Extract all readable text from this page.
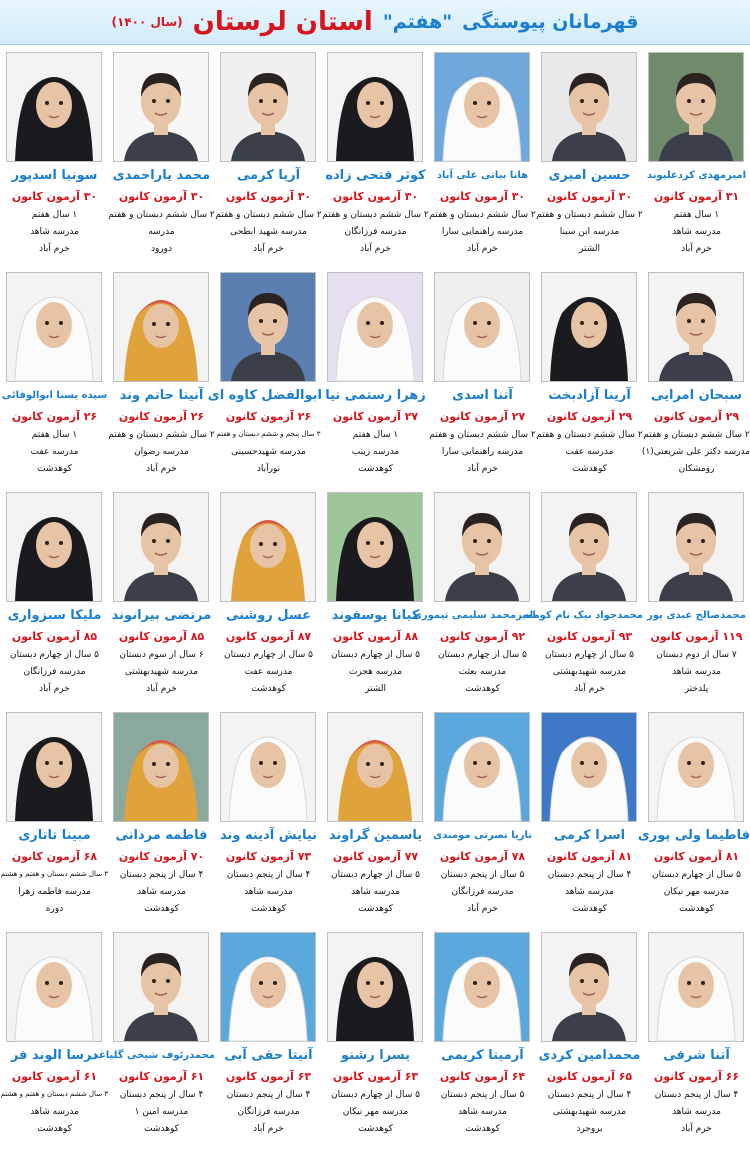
قهرمانان پیوستگی
"هفتم"
استان لرستان
(سال ۱۴۰۰)
امیرمهدی کردعلیوند
۳۱ آزمون کانون
۱ سال هفتم
مدرسه شاهد
خرم آباد
حسین امیری
۳۰ آزمون کانون
۲ سال ششم دبستان و هفتم
مدرسه ابن سینا
الشتر
هانا بیاتی علی آباد
۳۰ آزمون کانون
۲ سال ششم دبستان و هفتم
مدرسه راهنمایی سارا
خرم آباد
کوثر فتحی زاده
۳۰ آزمون کانون
۲ سال ششم دبستان و هفتم
مدرسه فرزانگان
خرم آباد
آریا کرمی
۳۰ آزمون کانون
۲ سال ششم دبستان و هفتم
مدرسه شهید ابطحی
خرم آباد
محمد یاراحمدی
۳۰ آزمون کانون
۲ سال ششم دبستان و هفتم
مدرسه
دورود
سونیا اسدپور
۳۰ آزمون کانون
۱ سال هفتم
مدرسه شاهد
خرم آباد
سبحان امرایی
۲۹ آزمون کانون
۲ سال ششم دبستان و هفتم
مدرسه دکتر علی شریعتی(۱)
رومشکان
آرینا آزادبخت
۲۹ آزمون کانون
۲ سال ششم دبستان و هفتم
مدرسه عفت
کوهدشت
آتنا اسدی
۲۷ آزمون کانون
۲ سال ششم دبستان و هفتم
مدرسه راهنمایی سارا
خرم آباد
زهرا رستمی نیا
۲۷ آزمون کانون
۱ سال هفتم
مدرسه زینب
کوهدشت
ابوالفضل کاوه ای
۲۶ آزمون کانون
۳ سال پنجم و ششم دبستان و هفتم
مدرسه شهیدحسینی
نورآباد
آنیتا حاتم وند
۲۶ آزمون کانون
۲ سال ششم دبستان و هفتم
مدرسه رضوان
خرم آباد
سیده یسنا ابوالوفائی
۲۶ آزمون کانون
۱ سال هفتم
مدرسه عفت
کوهدشت
محمدصالح عبدی پور
۱۱۹ آزمون کانون
۷ سال از دوم دبستان
مدرسه شاهد
پلدختر
محمدجواد نیک نام کومله
۹۳ آزمون کانون
۵ سال از چهارم دبستان
مدرسه شهیدبهشتی
خرم آباد
امیرمحمد سلیمی تیموری
۹۲ آزمون کانون
۵ سال از چهارم دبستان
مدرسه بعثت
کوهدشت
کیانا یوسفوند
۸۸ آزمون کانون
۵ سال از چهارم دبستان
مدرسه هجرت
الشتر
عسل روشنی
۸۷ آزمون کانون
۵ سال از چهارم دبستان
مدرسه عفت
کوهدشت
مرتضی بیرانوند
۸۵ آزمون کانون
۶ سال از سوم دبستان
مدرسه شهیدبهشتی
خرم آباد
ملیکا سبزواری
۸۵ آزمون کانون
۵ سال از چهارم دبستان
مدرسه فرزانگان
خرم آباد
فاطیما ولی پوری
۸۱ آزمون کانون
۵ سال از چهارم دبستان
مدرسه مهر نیکان
کوهدشت
اسرا کرمی
۸۱ آزمون کانون
۴ سال از پنجم دبستان
مدرسه شاهد
کوهدشت
ناریا نصرتی مومندی
۷۸ آزمون کانون
۵ سال از پنجم دبستان
مدرسه فرزانگان
خرم آباد
یاسمین گراوند
۷۷ آزمون کانون
۵ سال از چهارم دبستان
مدرسه شاهد
کوهدشت
نیایش آدینه وند
۷۳ آزمون کانون
۴ سال از پنجم دبستان
مدرسه شاهد
کوهدشت
فاطمه مردانی
۷۰ آزمون کانون
۴ سال از پنجم دبستان
مدرسه شاهد
کوهدشت
مبینا تاتاری
۶۸ آزمون کانون
۳ سال ششم دبستان و هفتم و هشتم
مدرسه فاطمه زهرا
دوره
آتنا شرفی
۶۶ آزمون کانون
۴ سال از پنجم دبستان
مدرسه شاهد
خرم آباد
محمدامین کردی
۶۵ آزمون کانون
۴ سال از پنجم دبستان
مدرسه شهیدبهشتی
بروجرد
آرمیتا کریمی
۶۴ آزمون کانون
۵ سال از پنجم دبستان
مدرسه شاهد
کوهدشت
یسرا رشنو
۶۳ آزمون کانون
۵ سال از چهارم دبستان
مدرسه مهر نیکان
کوهدشت
آنیتا حقی آبی
۶۳ آزمون کانون
۴ سال از پنجم دبستان
مدرسه فرزانگان
خرم آباد
محمدرئوف شیخی گلیاغی
۶۱ آزمون کانون
۴ سال از پنجم دبستان
مدرسه امین ۱
کوهدشت
درسا الوند فر
۶۱ آزمون کانون
۳ سال ششم دبستان و هفتم و هشتم
مدرسه شاهد
کوهدشت
